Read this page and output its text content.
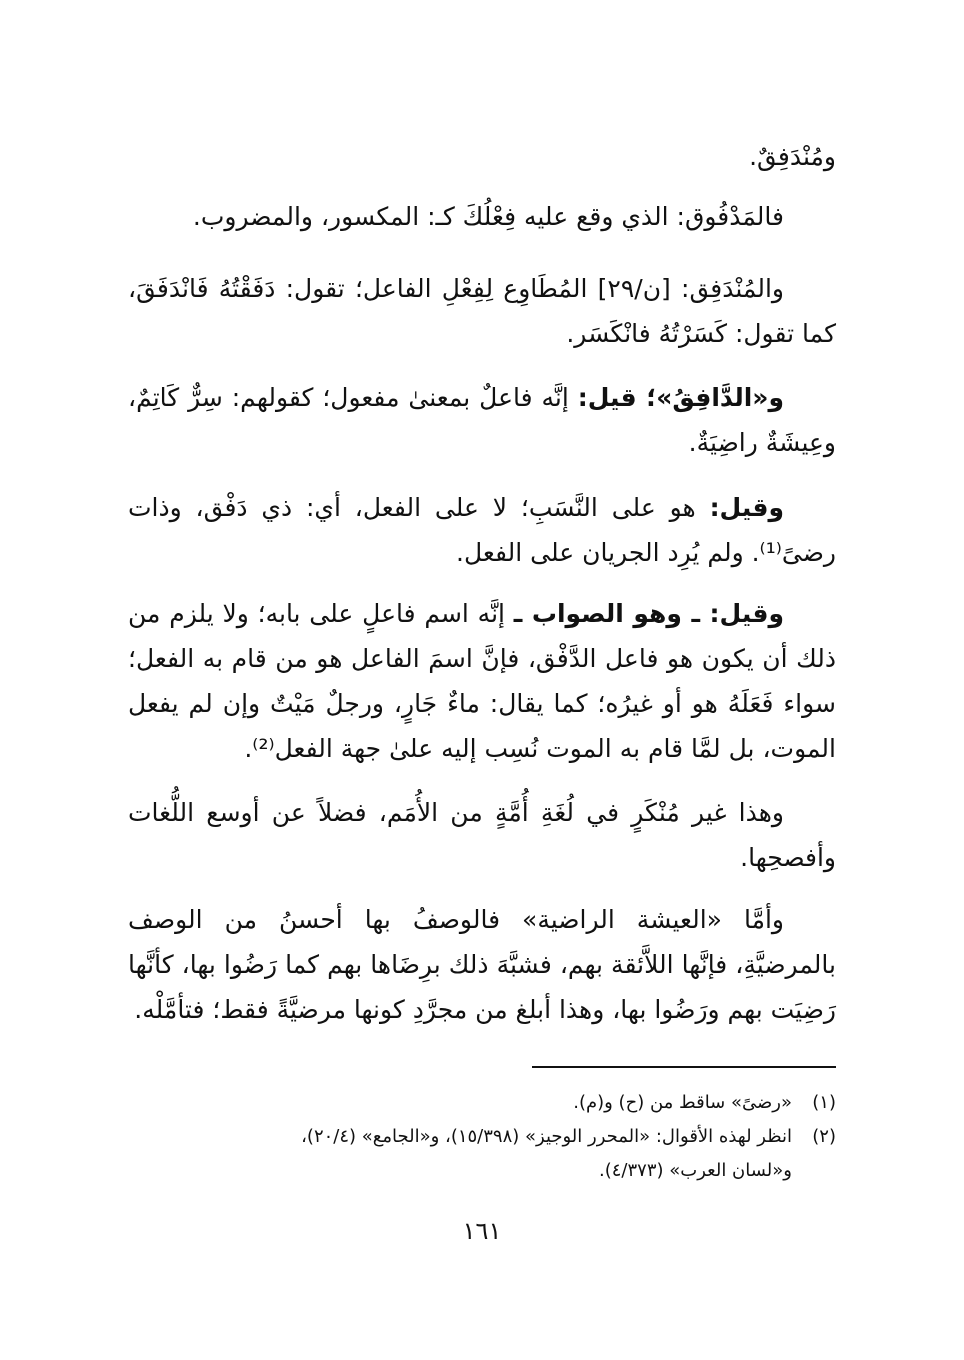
ومُنْدَفِقٌ.

فالمَدْفُوق: الذي وقع عليه فِعْلُكَ كـ: المكسور، والمضروب.

والمُنْدَفِق: [ن/٢٩] المُطَاوِع لِفِعْلِ الفاعل؛ تقول: دَفَقْتُهُ فَانْدَفَقَ، كما تقول: كَسَرْتُهُ فانْكَسَر.

و«الدَّافِقُ»؛ قيل: إنَّه فاعلٌ بمعنىٰ مفعول؛ كقولهم: سِرٌّ كَاتِمٌ، وعِيشَةٌ راضِيَةٌ.

وقيل: هو على النَّسَبِ؛ لا على الفعل، أي: ذي دَفْق، وذات رضىً⁽¹⁾. ولم يُرِد الجريان على الفعل.

وقيل: ـ وهو الصواب ـ إنَّه اسم فاعلٍ على بابه؛ ولا يلزم من ذلك أن يكون هو فاعل الدَّفْق، فإنَّ اسمَ الفاعل هو من قام به الفعل؛ سواء فَعَلَهُ هو أو غيرُه؛ كما يقال: ماءٌ جَارٍ، ورجلٌ مَيْتٌ وإن لم يفعل الموت، بل لمَّا قام به الموت نُسِب إليه علىٰ جهة الفعل⁽²⁾.

وهذا غير مُنْكَرٍ في لُغَةِ أُمَّةٍ من الأُمَم، فضلاً عن أوسع اللُّغات وأفصحِها.

وأمَّا «العيشة الراضية» فالوصفُ بها أحسنُ من الوصف بالمرضيَّةِ، فإنَّها اللاَّئقة بهم، فشبَّهَ ذلك برِضَاها بهم كما رَضُوا بها، كأنَّها رَضِيَت بهم ورَضُوا بها، وهذا أبلغ من مجرَّدِ كونها مرضيَّةً فقط؛ فتأمَّلْه.

(١)«رضىً» ساقط من (ح) و(م).

(٢)انظر لهذه الأقوال: «المحرر الوجيز» (١٥/٣٩٨)، و«الجامع» (٢٠/٤)،

و«لسان العرب» (٤/٣٧٣).

١٦١
